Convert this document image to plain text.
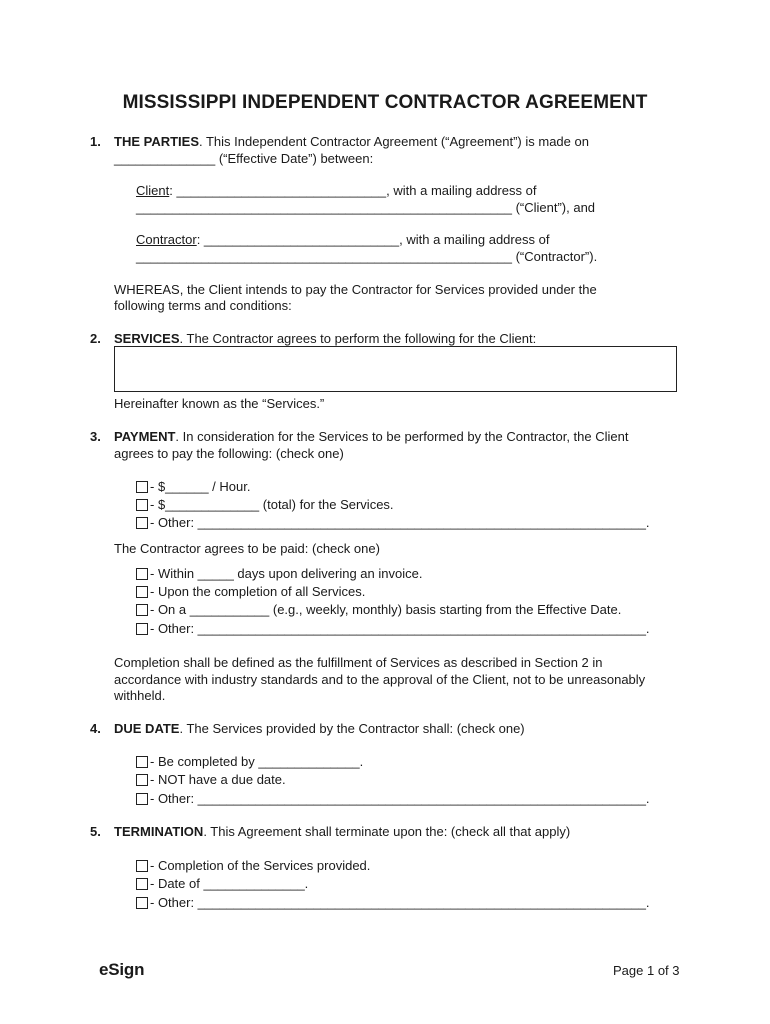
MISSISSIPPI INDEPENDENT CONTRACTOR AGREEMENT
1. THE PARTIES. This Independent Contractor Agreement (“Agreement”) is made on
______________ (“Effective Date”) between:
Client: _____________________________, with a mailing address of
____________________________________________________ (“Client”), and
Contractor: ___________________________, with a mailing address of
____________________________________________________ (“Contractor”).
WHEREAS, the Client intends to pay the Contractor for Services provided under the
following terms and conditions:
2. SERVICES. The Contractor agrees to perform the following for the Client:
Hereinafter known as the “Services.”
3. PAYMENT. In consideration for the Services to be performed by the Contractor, the Client
agrees to pay the following: (check one)
- $______ / Hour.
- $_____________ (total) for the Services.
- Other: ______________________________________________________________.
The Contractor agrees to be paid: (check one)
- Within _____ days upon delivering an invoice.
- Upon the completion of all Services.
- On a ___________ (e.g., weekly, monthly) basis starting from the Effective Date.
- Other: ______________________________________________________________.
Completion shall be defined as the fulfillment of Services as described in Section 2 in
accordance with industry standards and to the approval of the Client, not to be unreasonably
withheld.
4. DUE DATE. The Services provided by the Contractor shall: (check one)
- Be completed by ______________.
- NOT have a due date.
- Other: ______________________________________________________________.
5. TERMINATION. This Agreement shall terminate upon the: (check all that apply)
- Completion of the Services provided.
- Date of ______________.
- Other: ______________________________________________________________.
eSign	Page 1 of 3
